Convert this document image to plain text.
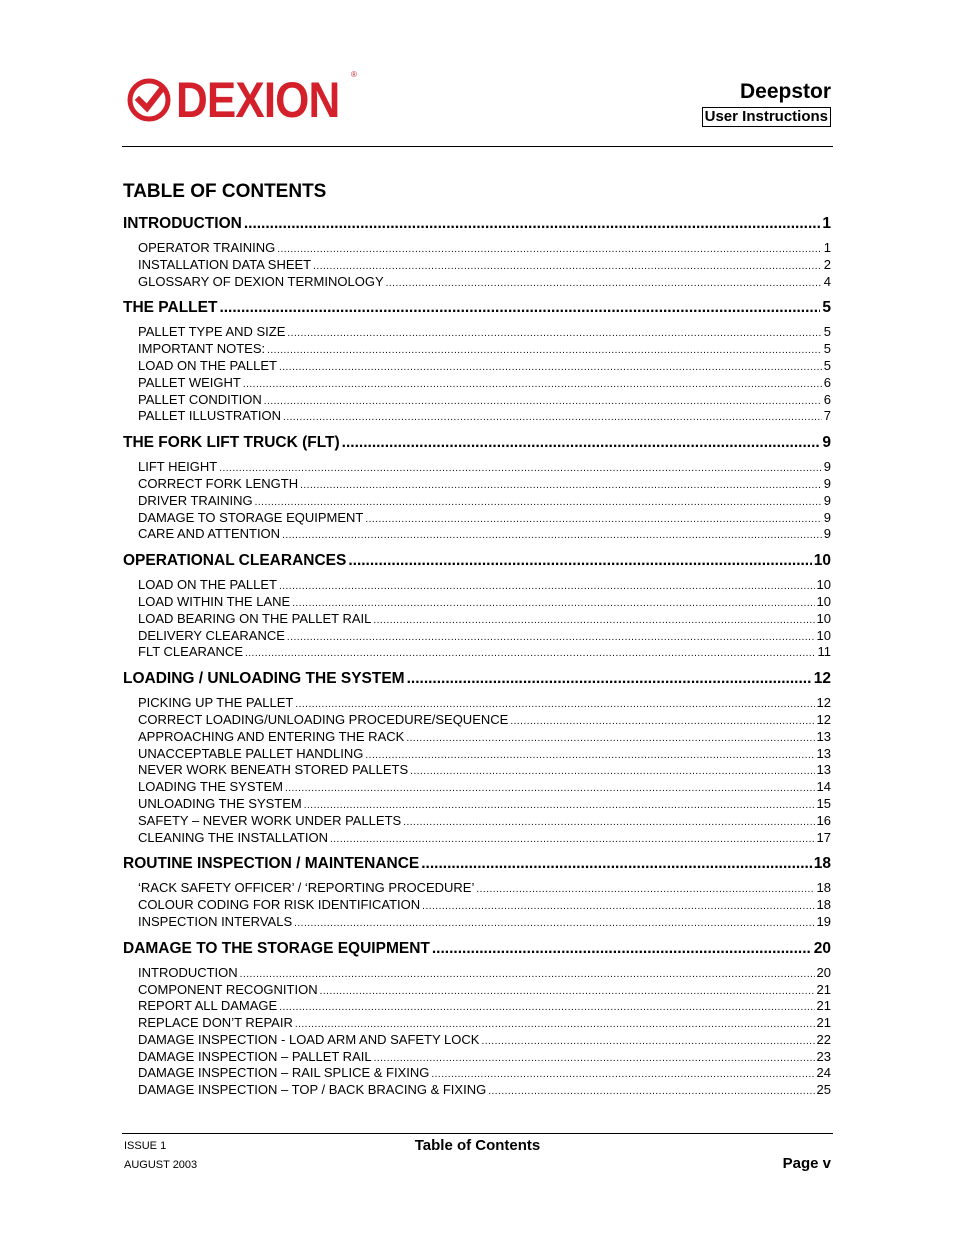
DEXION ®
Deepstor
User Instructions
TABLE OF CONTENTS
INTRODUCTION .....	1
OPERATOR TRAINING .....	1
INSTALLATION DATA SHEET .....	2
GLOSSARY OF DEXION TERMINOLOGY .....	4
THE PALLET .....	5
PALLET TYPE AND SIZE .....	5
IMPORTANT NOTES: .....	5
LOAD ON THE PALLET .....	5
PALLET WEIGHT .....	6
PALLET CONDITION .....	6
PALLET ILLUSTRATION .....	7
THE FORK LIFT TRUCK (FLT) .....	9
LIFT HEIGHT .....	9
CORRECT FORK LENGTH .....	9
DRIVER TRAINING .....	9
DAMAGE TO STORAGE EQUIPMENT .....	9
CARE AND ATTENTION .....	9
OPERATIONAL CLEARANCES .....	10
LOAD ON THE PALLET .....	10
LOAD WITHIN THE LANE .....	10
LOAD BEARING ON THE PALLET RAIL .....	10
DELIVERY CLEARANCE .....	10
FLT CLEARANCE .....	11
LOADING / UNLOADING THE SYSTEM .....	12
PICKING UP THE PALLET .....	12
CORRECT LOADING/UNLOADING PROCEDURE/SEQUENCE .....	12
APPROACHING AND ENTERING THE RACK .....	13
UNACCEPTABLE PALLET HANDLING .....	13
NEVER WORK BENEATH STORED PALLETS .....	13
LOADING THE SYSTEM .....	14
UNLOADING THE SYSTEM .....	15
SAFETY – NEVER WORK UNDER PALLETS .....	16
CLEANING THE INSTALLATION .....	17
ROUTINE INSPECTION / MAINTENANCE .....	18
‘RACK SAFETY OFFICER’ / ‘REPORTING PROCEDURE’ .....	18
COLOUR CODING FOR RISK IDENTIFICATION .....	18
INSPECTION INTERVALS .....	19
DAMAGE TO THE STORAGE EQUIPMENT .....	20
INTRODUCTION .....	20
COMPONENT RECOGNITION .....	21
REPORT ALL DAMAGE .....	21
REPLACE DON’T REPAIR .....	21
DAMAGE INSPECTION - LOAD ARM AND SAFETY LOCK .....	22
DAMAGE INSPECTION – PALLET RAIL .....	23
DAMAGE INSPECTION – RAIL SPLICE & FIXING .....	24
DAMAGE INSPECTION – TOP / BACK BRACING & FIXING .....	25
ISSUE 1
AUGUST 2003
Table of Contents
Page v
